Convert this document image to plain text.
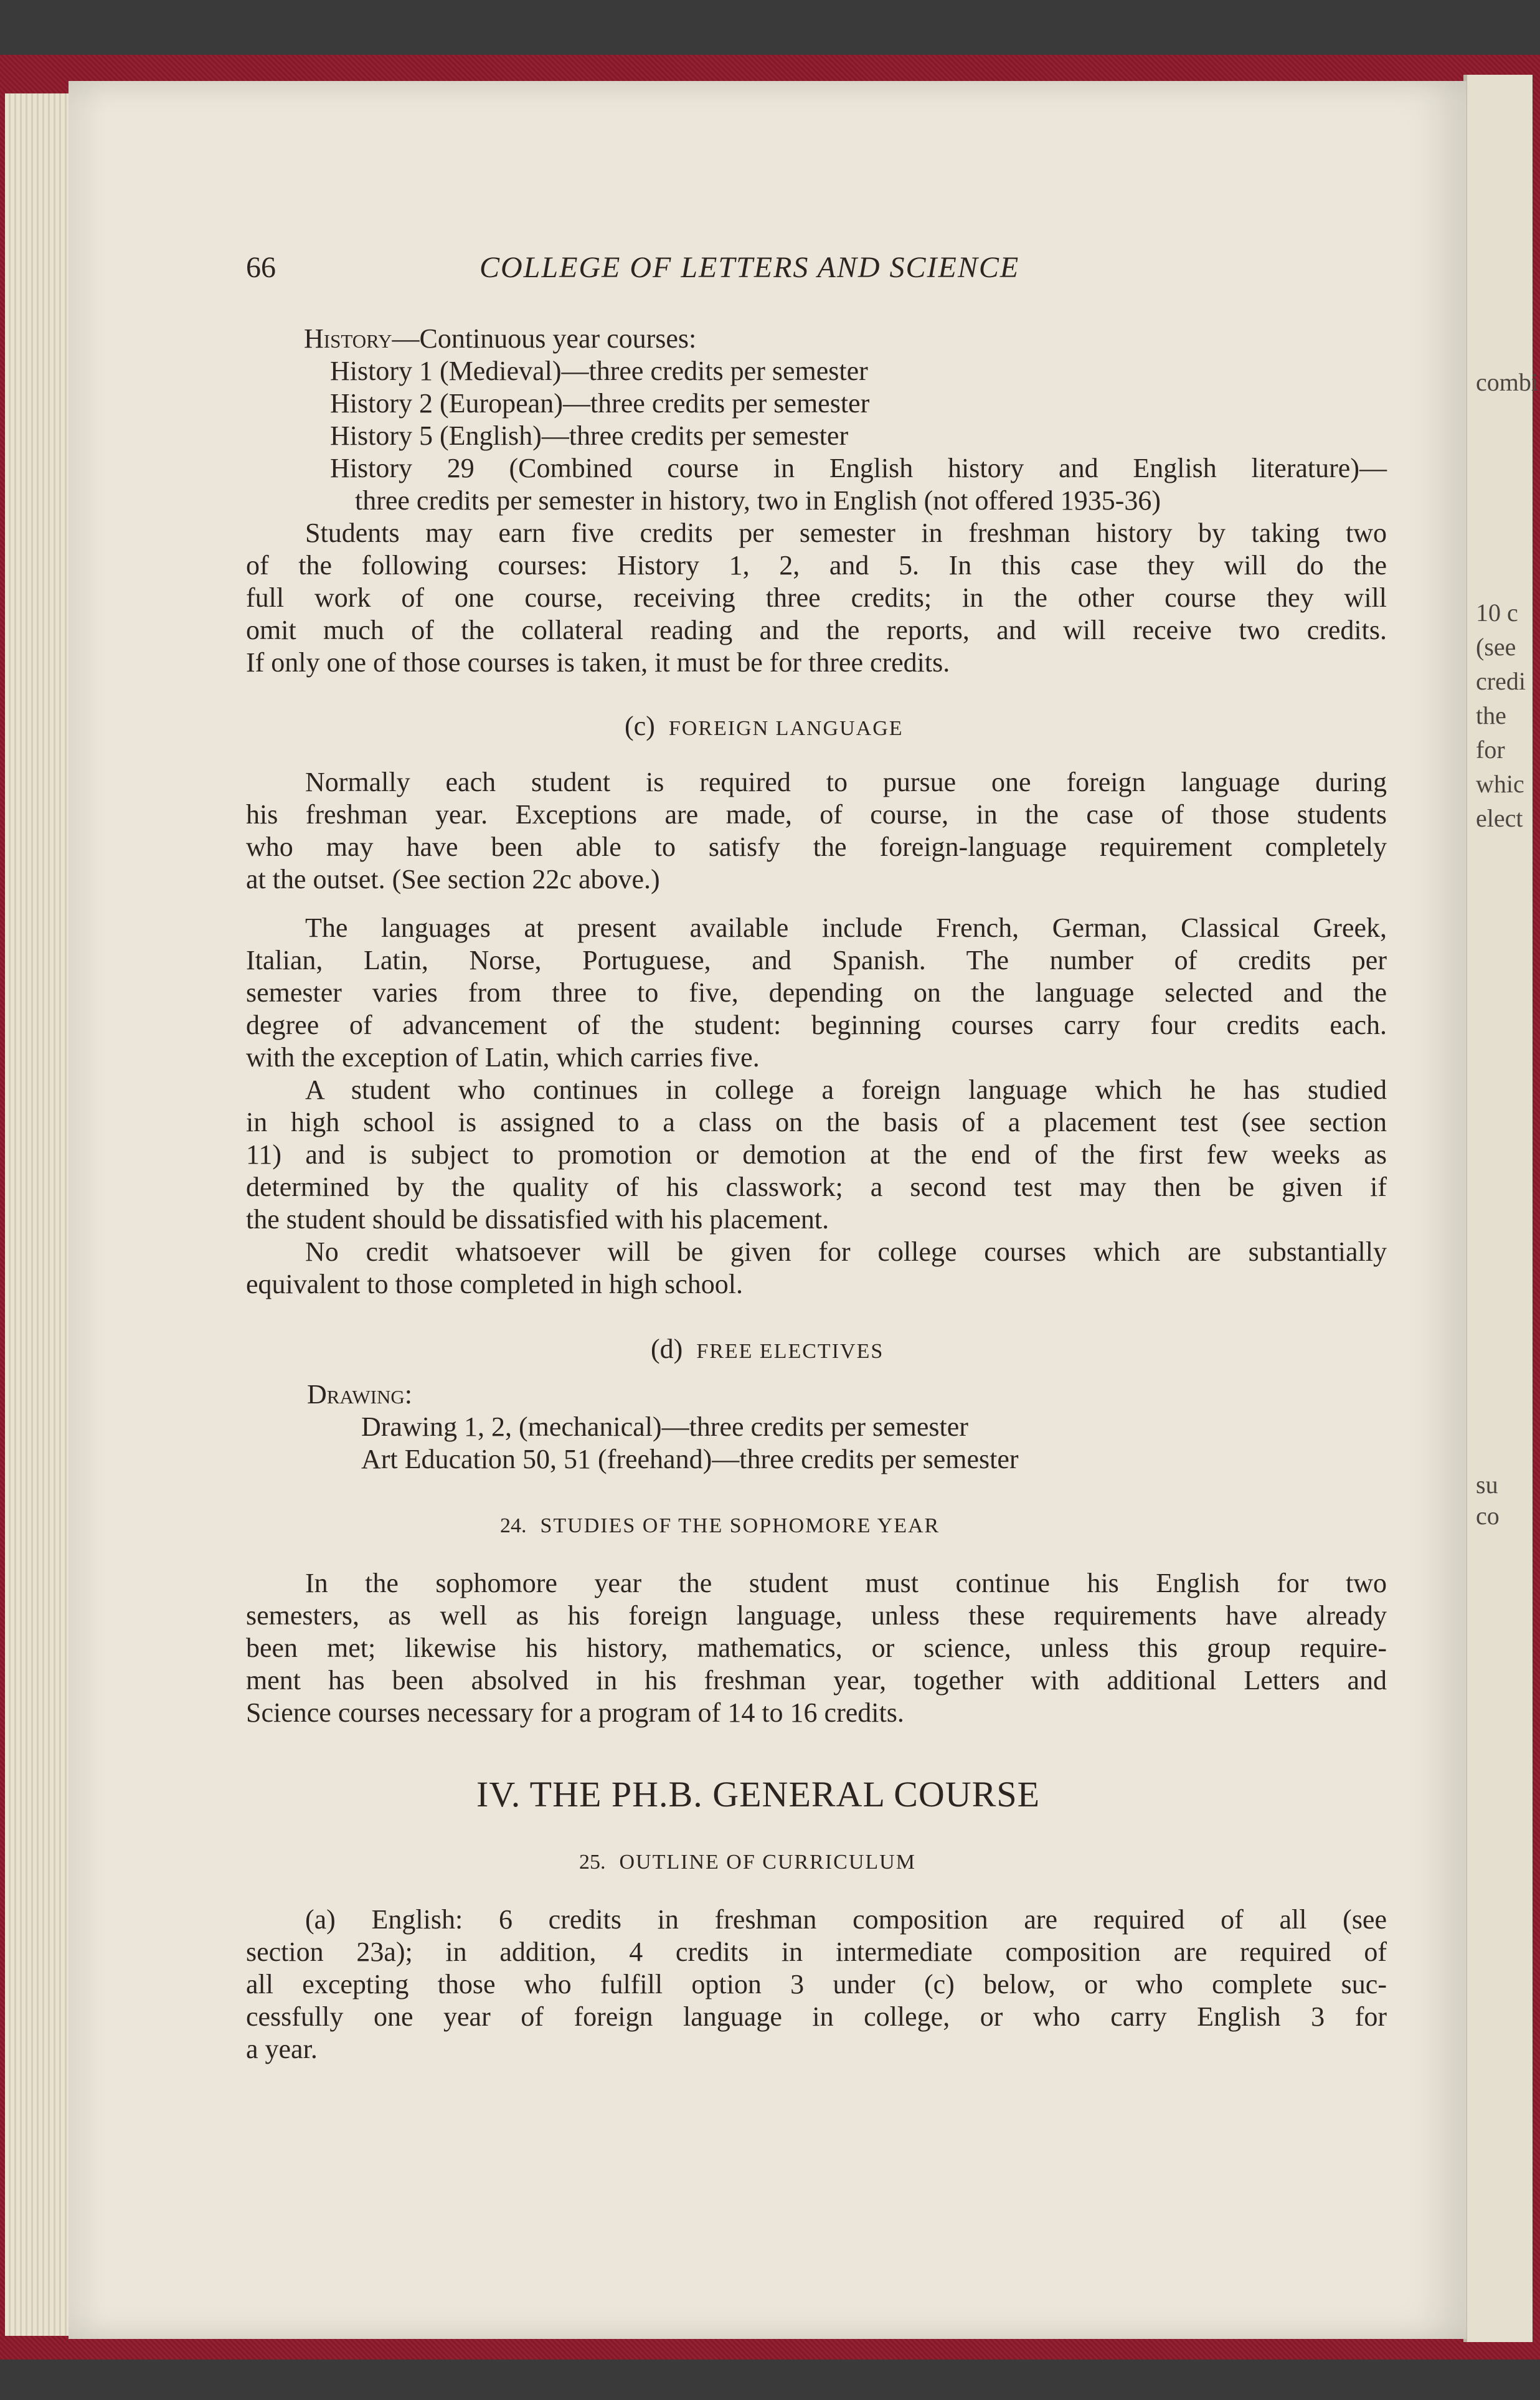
combi
10 c
(see
credi
the
for
whic
elect
su
co
66	COLLEGE OF LETTERS AND SCIENCE
History—Continuous year courses:
History 1 (Medieval)—three credits per semester
History 2 (European)—three credits per semester
History 5 (English)—three credits per semester
History 29 (Combined course in English history and English literature)—
three credits per semester in history, two in English (not offered 1935-36)
Students may earn five credits per semester in freshman history by taking two
of the following courses: History 1, 2, and 5. In this case they will do the
full work of one course, receiving three credits; in the other course they will
omit much of the collateral reading and the reports, and will receive two credits.
If only one of those courses is taken, it must be for three credits.
(c) FOREIGN LANGUAGE
Normally each student is required to pursue one foreign language during
his freshman year. Exceptions are made, of course, in the case of those students
who may have been able to satisfy the foreign-language requirement completely
at the outset. (See section 22c above.)
The languages at present available include French, German, Classical Greek,
Italian, Latin, Norse, Portuguese, and Spanish. The number of credits per
semester varies from three to five, depending on the language selected and the
degree of advancement of the student: beginning courses carry four credits each.
with the exception of Latin, which carries five.
A student who continues in college a foreign language which he has studied
in high school is assigned to a class on the basis of a placement test (see section
11) and is subject to promotion or demotion at the end of the first few weeks as
determined by the quality of his classwork; a second test may then be given if
the student should be dissatisfied with his placement.
No credit whatsoever will be given for college courses which are substantially
equivalent to those completed in high school.
(d) FREE ELECTIVES
Drawing:
Drawing 1, 2, (mechanical)—three credits per semester
Art Education 50, 51 (freehand)—three credits per semester
24. STUDIES OF THE SOPHOMORE YEAR
In the sophomore year the student must continue his English for two
semesters, as well as his foreign language, unless these requirements have already
been met; likewise his history, mathematics, or science, unless this group require-
ment has been absolved in his freshman year, together with additional Letters and
Science courses necessary for a program of 14 to 16 credits.
IV. THE PH.B. GENERAL COURSE
25. OUTLINE OF CURRICULUM
(a) English: 6 credits in freshman composition are required of all (see
section 23a); in addition, 4 credits in intermediate composition are required of
all excepting those who fulfill option 3 under (c) below, or who complete suc-
cessfully one year of foreign language in college, or who carry English 3 for
a year.
